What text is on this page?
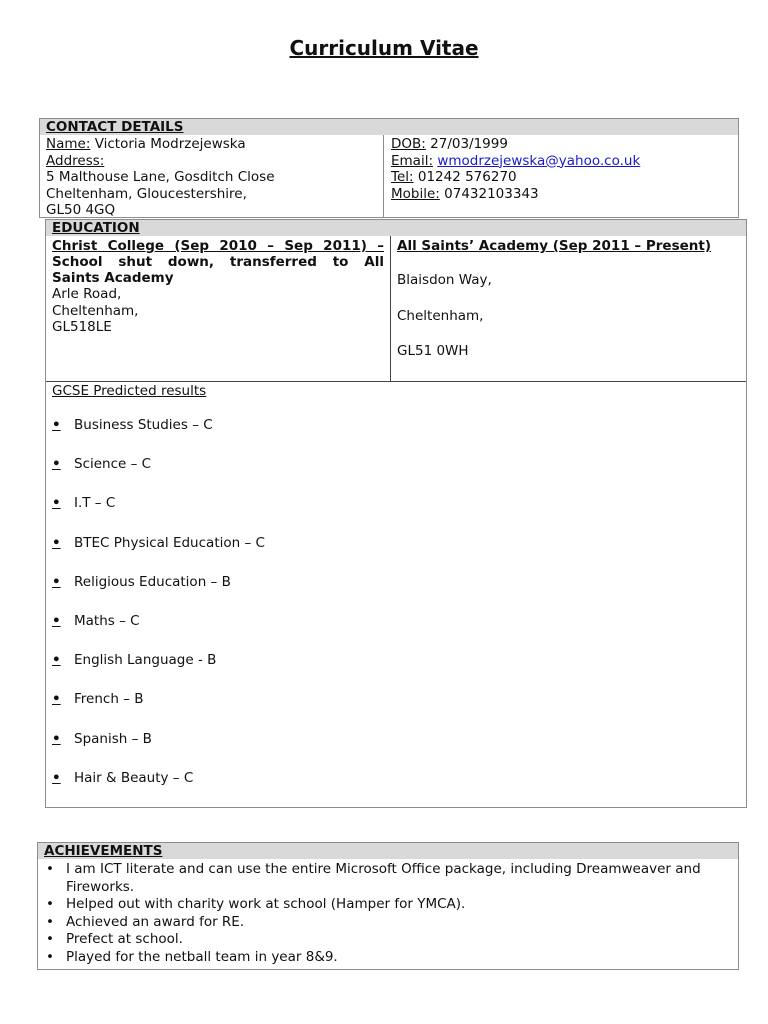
Curriculum Vitae
CONTACT DETAILS
Name: Victoria Modrzejewska
Address:
5 Malthouse Lane, Gosditch Close
Cheltenham, Gloucestershire,
GL50 4GQ
DOB: 27/03/1999
Email: wmodrzejewska@yahoo.co.uk
Tel: 01242 576270
Mobile: 07432103343
EDUCATION
Christ College (Sep 2010 – Sep 2011) –
School shut down, transferred to All
Saints Academy
Arle Road,
Cheltenham,
GL518LE
All Saints’ Academy (Sep 2011 – Present)
Blaisdon Way,
Cheltenham,
GL51 0WH
GCSE Predicted results
• Business Studies – C
• Science – C
• I.T – C
• BTEC Physical Education – C
• Religious Education – B
• Maths – C
• English Language - B
• French – B
• Spanish – B
• Hair & Beauty – C
ACHIEVEMENTS
• I am ICT literate and can use the entire Microsoft Office package, including Dreamweaver and Fireworks.
• Helped out with charity work at school (Hamper for YMCA).
• Achieved an award for RE.
• Prefect at school.
• Played for the netball team in year 8&9.
